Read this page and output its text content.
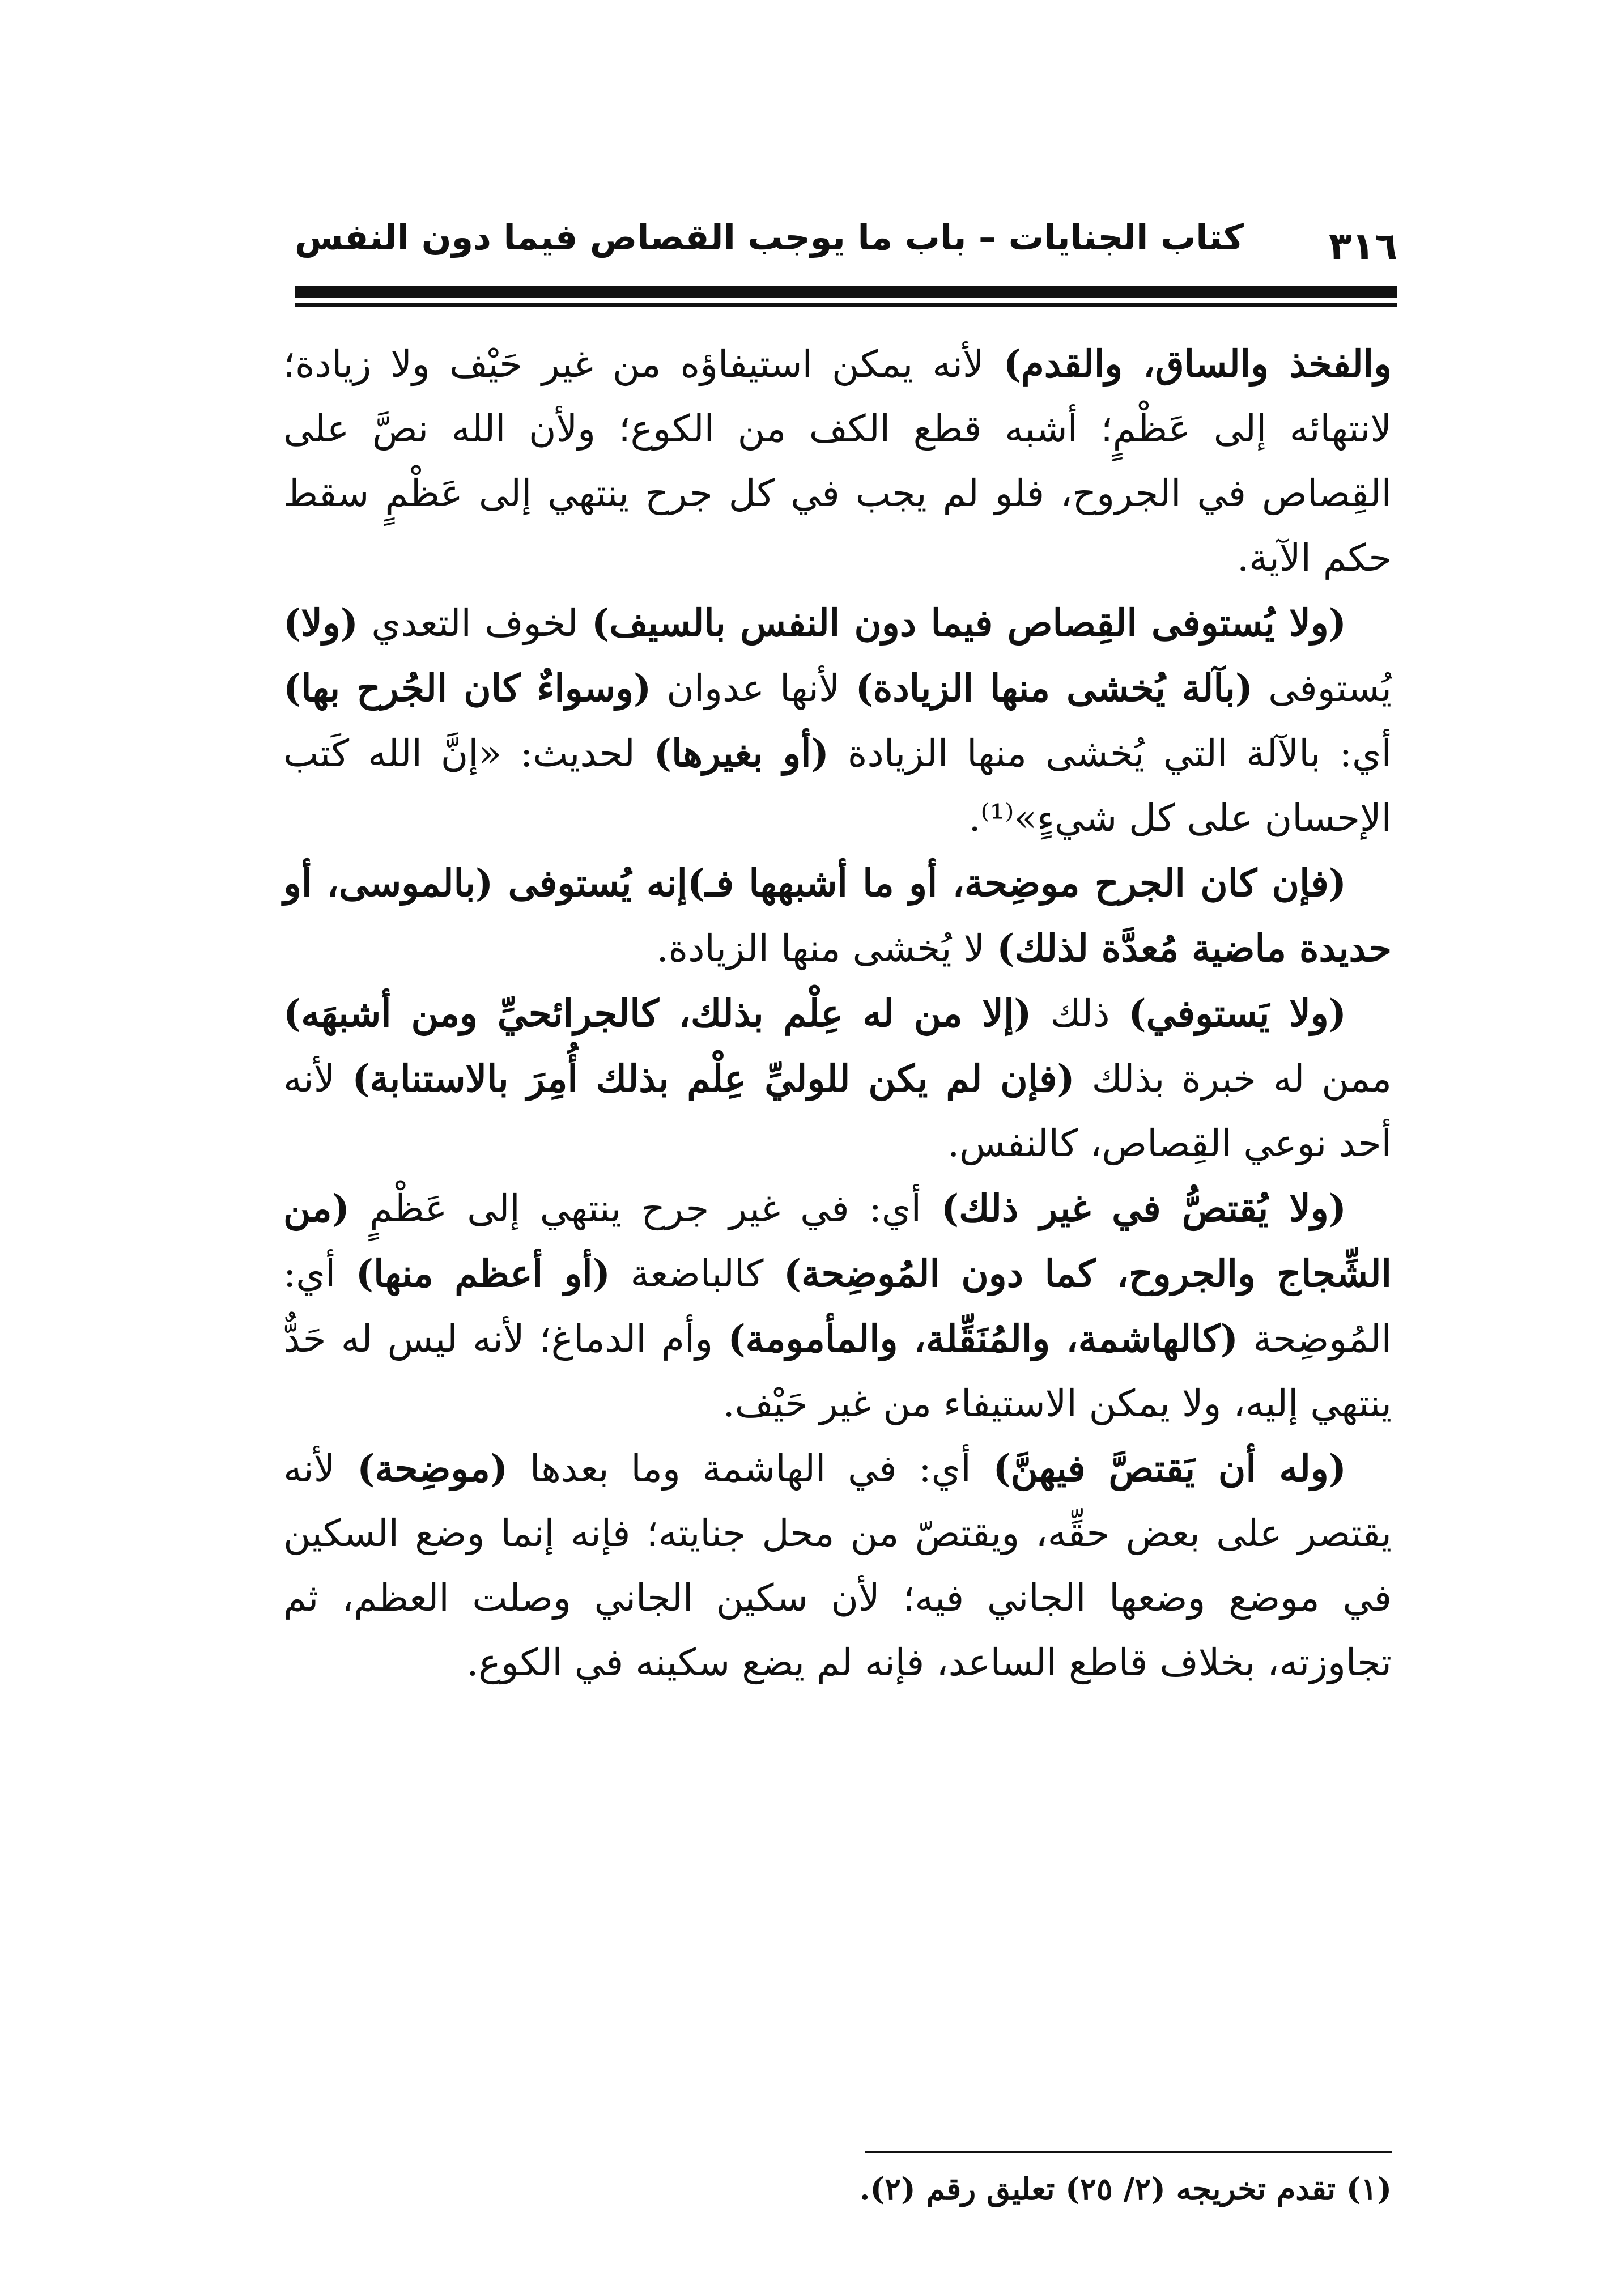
٣١٦
كتاب الجنايات – باب ما يوجب القصاص فيما دون النفس

والفخذ والساق، والقدم) لأنه يمكن استيفاؤه من غير حَيْف ولا زيادة؛ لانتهائه إلى عَظْمٍ؛ أشبه قطع الكف من الكوع؛ ولأن الله نصَّ على القِصاص في الجروح، فلو لم يجب في كل جرح ينتهي إلى عَظْمٍ سقط حكم الآية.

(ولا يُستوفى القِصاص فيما دون النفس بالسيف) لخوف التعدي (ولا) يُستوفى (بآلة يُخشى منها الزيادة) لأنها عدوان (وسواءٌ كان الجُرح بها) أي: بالآلة التي يُخشى منها الزيادة (أو بغيرها) لحديث: «إنَّ الله كَتب الإحسان على كل شيءٍ»⁽¹⁾.

(فإن كان الجرح موضِحة، أو ما أشبهها فـ)إنه يُستوفى (بالموسى، أو حديدة ماضية مُعدَّة لذلك) لا يُخشى منها الزيادة.

(ولا يَستوفي) ذلك (إلا من له عِلْم بذلك، كالجرائحيِّ ومن أشبهَه) ممن له خبرة بذلك (فإن لم يكن للوليِّ عِلْم بذلك أُمِرَ بالاستنابة) لأنه أحد نوعي القِصاص، كالنفس.

(ولا يُقتصُّ في غير ذلك) أي: في غير جرح ينتهي إلى عَظْمٍ (من الشِّجاج والجروح، كما دون المُوضِحة) كالباضعة (أو أعظم منها) أي: المُوضِحة (كالهاشمة، والمُنَقِّلة، والمأمومة) وأم الدماغ؛ لأنه ليس له حَدٌّ ينتهي إليه، ولا يمكن الاستيفاء من غير حَيْف.

(وله أن يَقتصَّ فيهنَّ) أي: في الهاشمة وما بعدها (موضِحة) لأنه يقتصر على بعض حقِّه، ويقتصّ من محل جنايته؛ فإنه إنما وضع السكين في موضع وضعها الجاني فيه؛ لأن سكين الجاني وصلت العظم، ثم تجاوزته، بخلاف قاطع الساعد، فإنه لم يضع سكينه في الكوع.

(١) تقدم تخريجه (٢/ ٢٥) تعليق رقم (٢).
